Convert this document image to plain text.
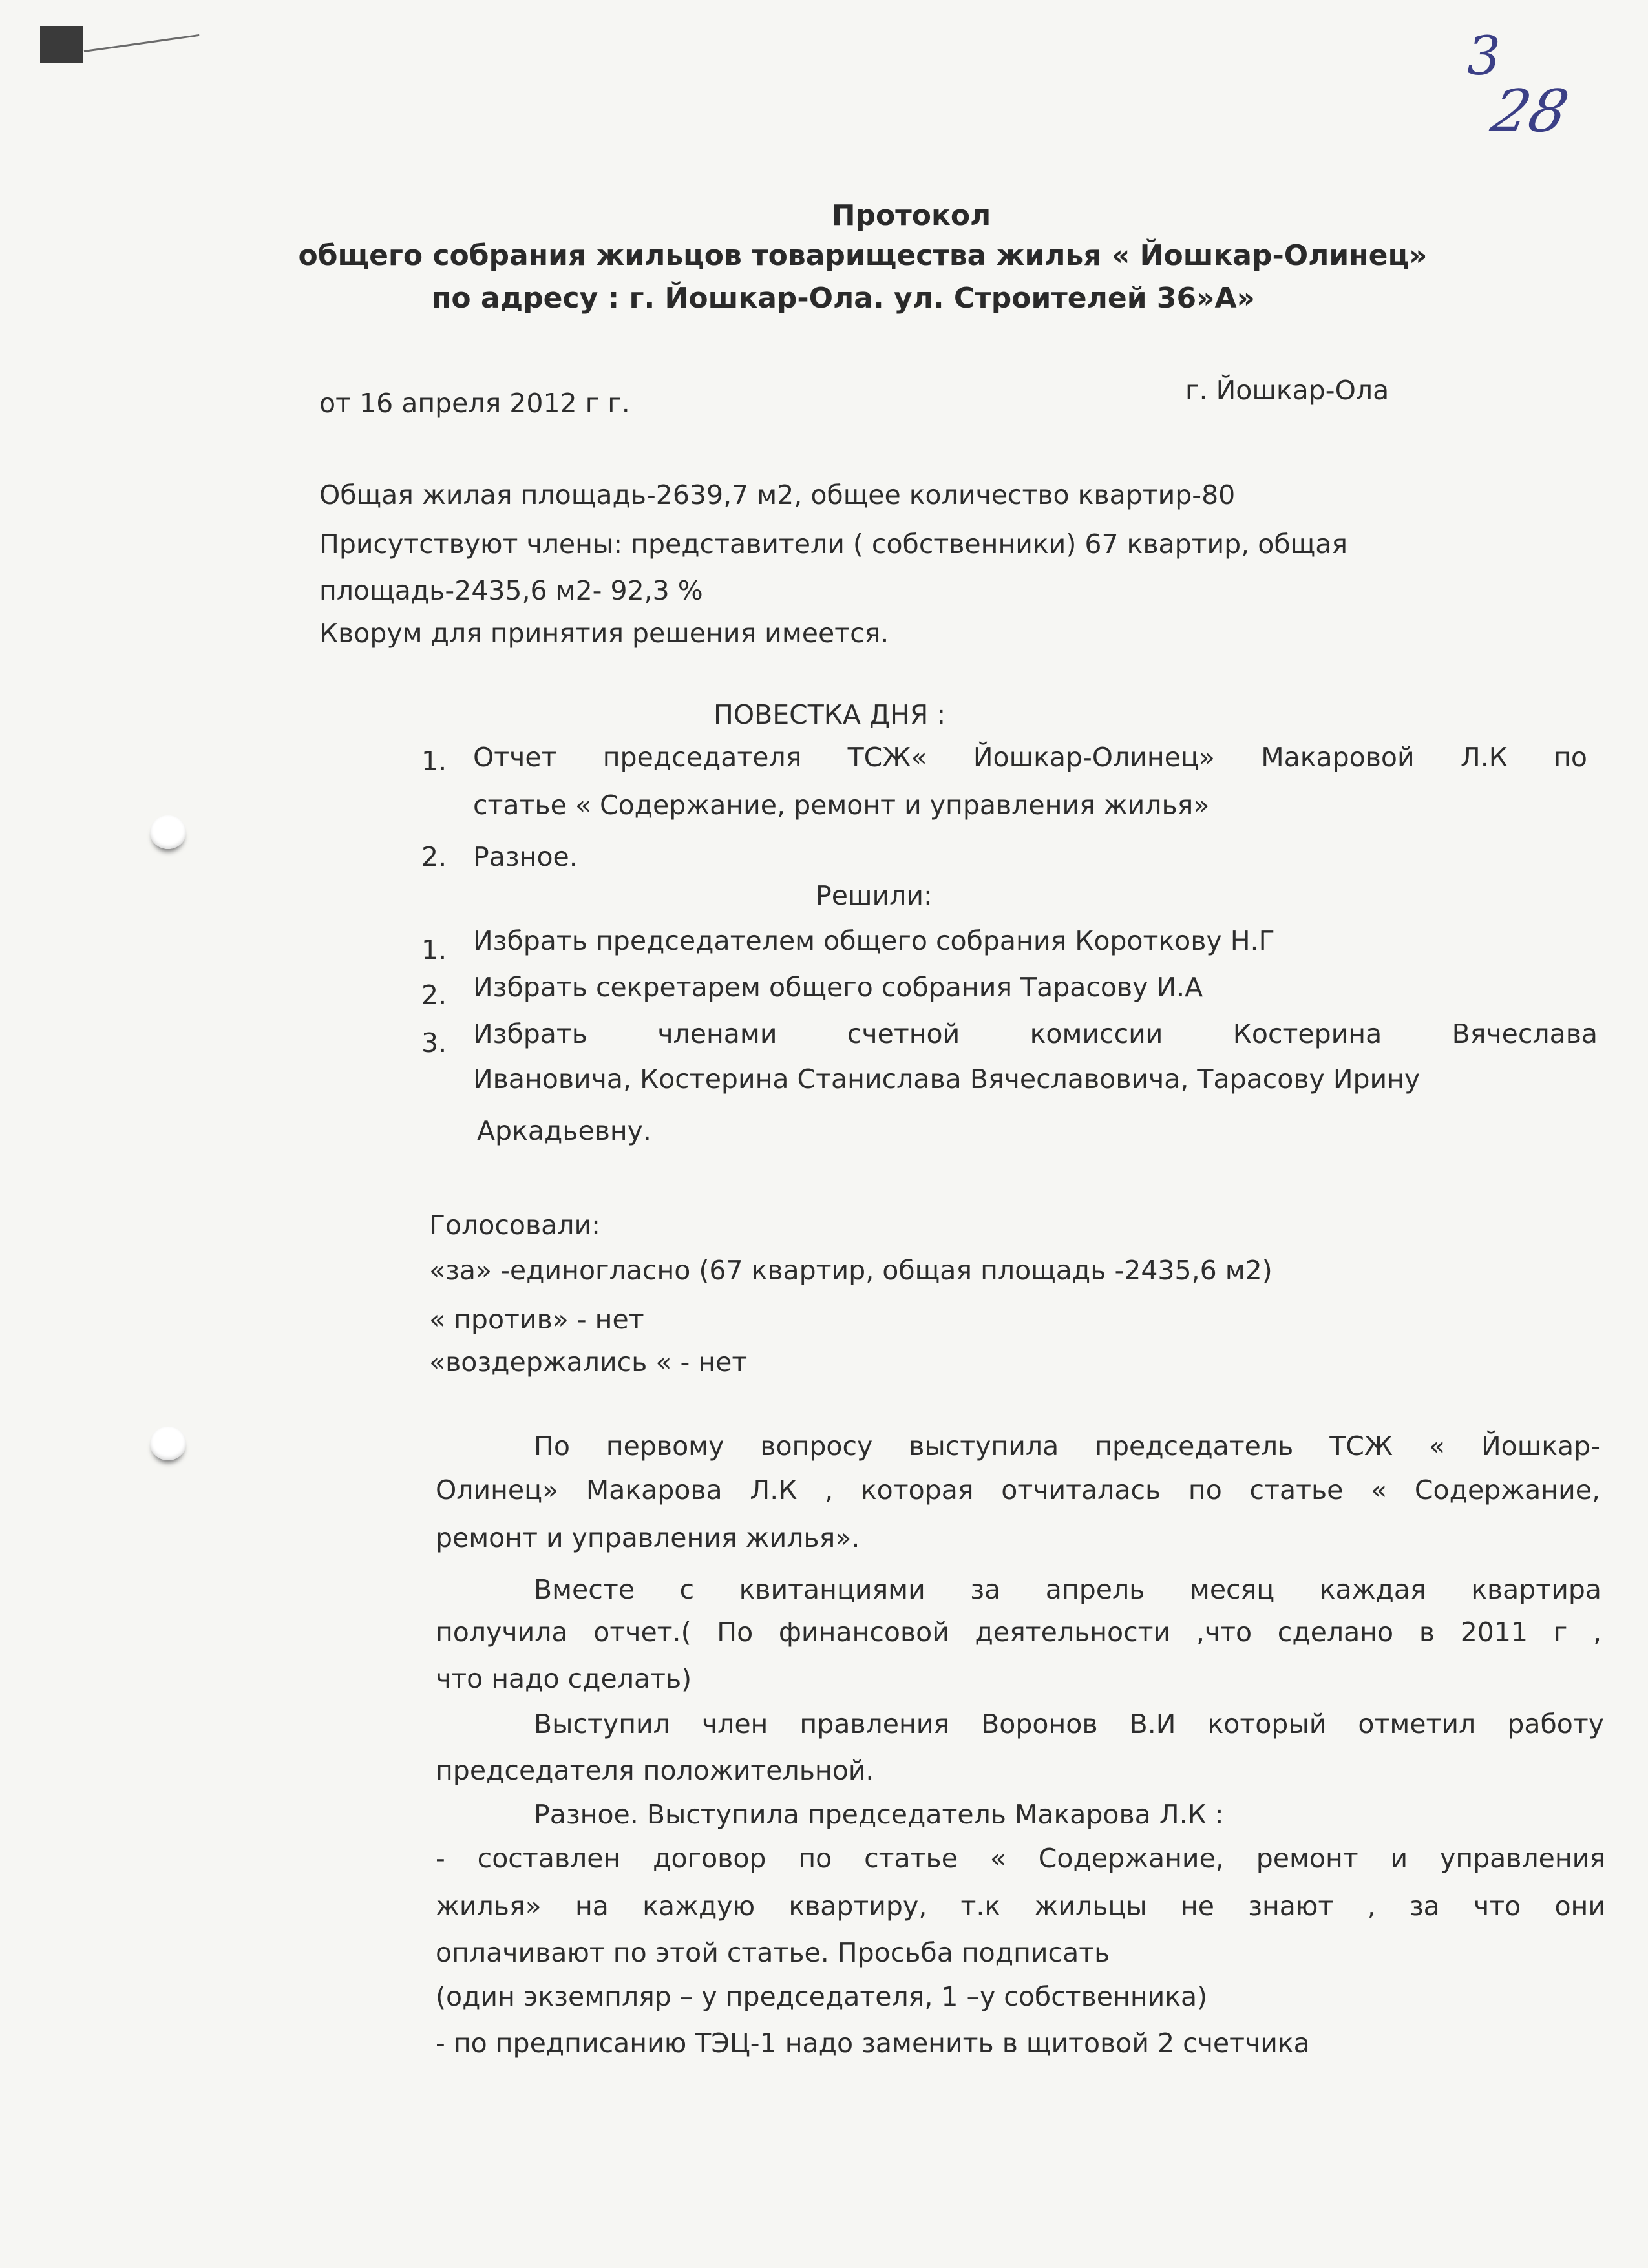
3
28
Протокол
общего собрания жильцов товарищества жилья « Йошкар-Олинец»
по адресу : г. Йошкар-Ола. ул. Строителей 36»А»
от 16 апреля 2012 г г.	г. Йошкар-Ола
Общая жилая площадь-2639,7 м2, общее количество квартир-80
Присутствуют члены: представители ( собственники) 67 квартир, общая
площадь-2435,6 м2- 92,3 %
Кворум для принятия решения имеется.
ПОВЕСТКА ДНЯ :
1. Отчет председателя ТСЖ« Йошкар-Олинец» Макаровой Л.К по
статье « Содержание, ремонт и управления жилья»
2. Разное.
Решили:
1. Избрать председателем общего собрания Короткову Н.Г
2. Избрать секретарем общего собрания Тарасову И.А
3. Избрать членами счетной комиссии Костерина Вячеслава
Ивановича, Костерина Станислава Вячеславовича, Тарасову Ирину
Аркадьевну.
Голосовали:
«за» -единогласно (67 квартир, общая площадь -2435,6 м2)
« против» - нет
«воздержались « - нет
По первому вопросу выступила председатель ТСЖ « Йошкар-
Олинец» Макарова Л.К , которая отчиталась по статье « Содержание,
ремонт и управления жилья».
Вместе с квитанциями за апрель месяц каждая квартира
получила отчет.( По финансовой деятельности ,что сделано в 2011 г ,
что надо сделать)
Выступил член правления Воронов В.И который отметил работу
председателя положительной.
Разное. Выступила председатель Макарова Л.К :
- составлен договор по статье « Содержание, ремонт и управления
жилья» на каждую квартиру, т.к жильцы не знают , за что они
оплачивают по этой статье. Просьба подписать
(один экземпляр – у председателя, 1 –у собственника)
- по предписанию ТЭЦ-1 надо заменить в щитовой 2 счетчика
